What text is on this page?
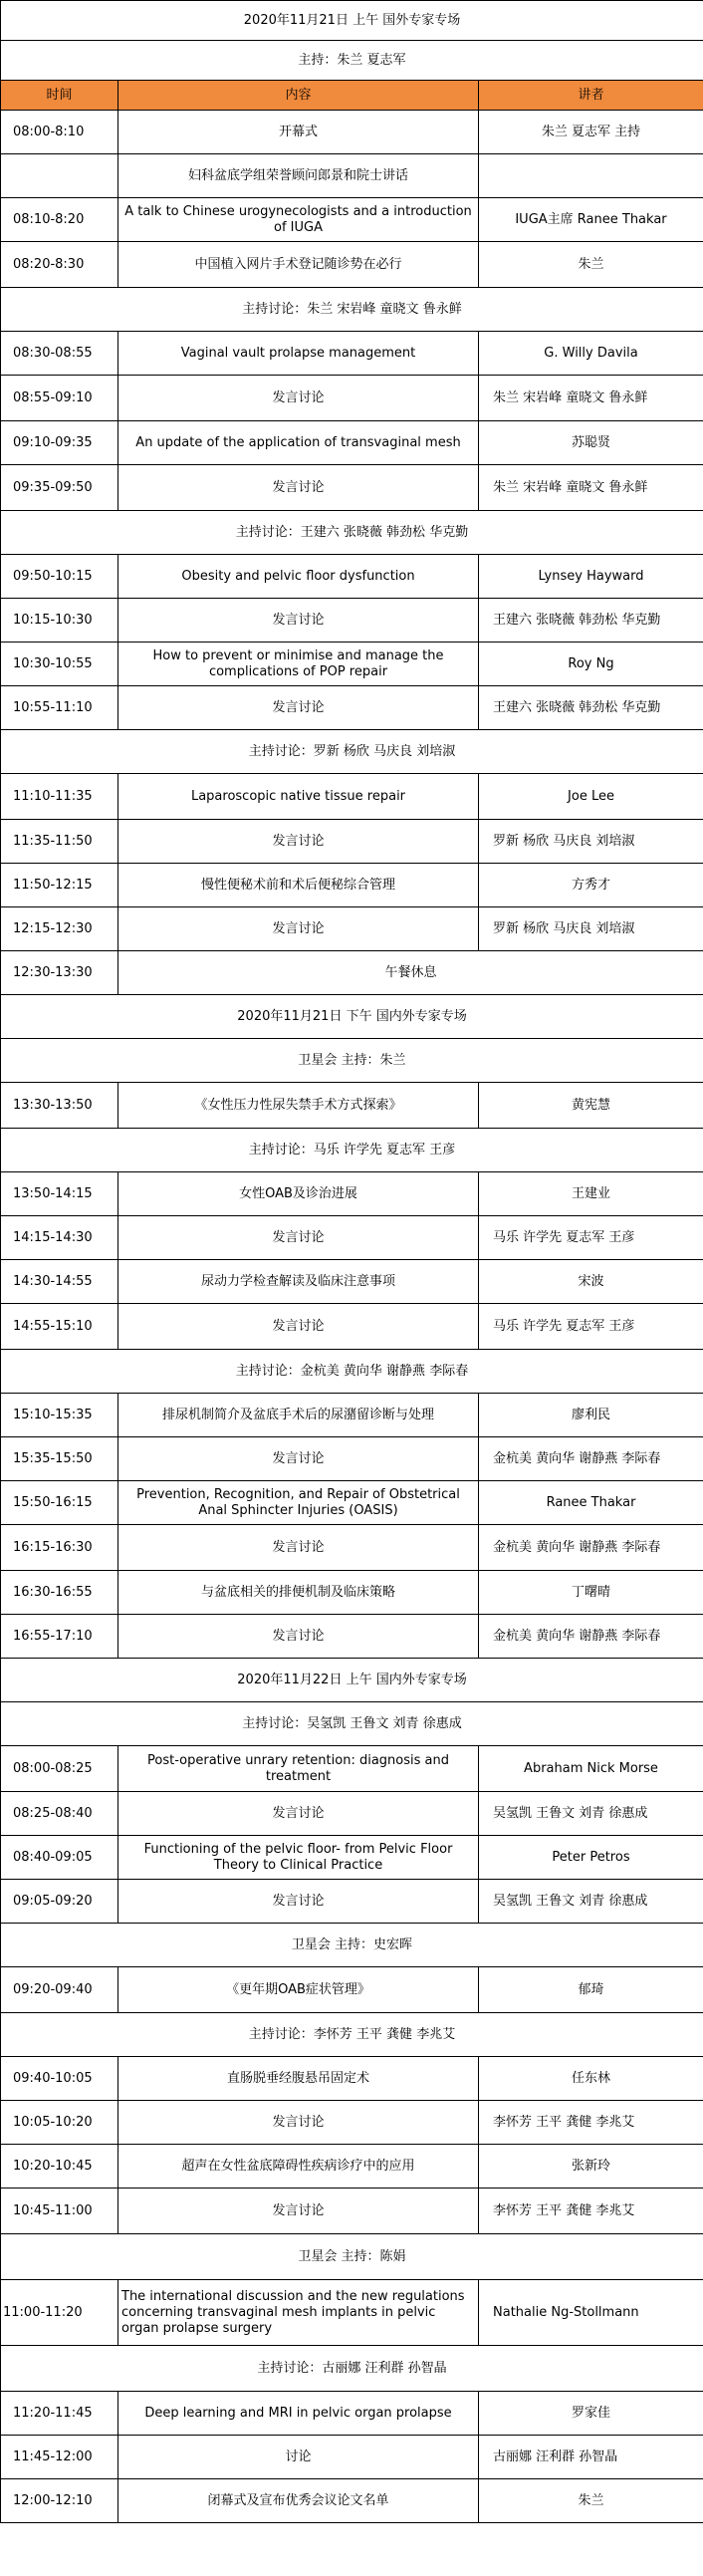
2020年11月21日 上午 国外专家专场		
主持：朱兰 夏志军		
时间	内容	讲者
08:00-8:10	开幕式	朱兰 夏志军 主持
	妇科盆底学组荣誉顾问郎景和院士讲话	
08:10-8:20	A talk to Chinese urogynecologists and a introduction of IUGA	IUGA主席 Ranee Thakar
08:20-8:30	中国植入网片手术登记随诊势在必行	朱兰
主持讨论：朱兰 宋岩峰 童晓文 鲁永鲜		
08:30-08:55	Vaginal vault prolapse management	G. Willy Davila
08:55-09:10	发言讨论	朱兰 宋岩峰 童晓文 鲁永鲜
09:10-09:35	An update of the application of transvaginal mesh	苏聪贤
09:35-09:50	发言讨论	朱兰 宋岩峰 童晓文 鲁永鲜
主持讨论：王建六 张晓薇 韩劲松 华克勤		
09:50-10:15	Obesity and pelvic floor dysfunction	Lynsey Hayward
10:15-10:30	发言讨论	王建六 张晓薇 韩劲松 华克勤
10:30-10:55	How to prevent or minimise and manage the complications of POP repair	Roy Ng
10:55-11:10	发言讨论	王建六 张晓薇 韩劲松 华克勤
主持讨论：罗新 杨欣 马庆良 刘培淑		
11:10-11:35	Laparoscopic native tissue repair	Joe Lee
11:35-11:50	发言讨论	罗新 杨欣 马庆良 刘培淑
11:50-12:15	慢性便秘术前和术后便秘综合管理	方秀才
12:15-12:30	发言讨论	罗新 杨欣 马庆良 刘培淑
12:30-13:30	午餐休息	
2020年11月21日 下午 国内外专家专场		
卫星会 主持：朱兰		
13:30-13:50	《女性压力性尿失禁手术方式探索》	黄宪慧
主持讨论：马乐 许学先 夏志军 王彦		
13:50-14:15	女性OAB及诊治进展	王建业
14:15-14:30	发言讨论	马乐 许学先 夏志军 王彦
14:30-14:55	尿动力学检查解读及临床注意事项	宋波
14:55-15:10	发言讨论	马乐 许学先 夏志军 王彦
主持讨论：金杭美 黄向华 谢静燕 李际春		
15:10-15:35	排尿机制简介及盆底手术后的尿潴留诊断与处理	廖利民
15:35-15:50	发言讨论	金杭美 黄向华 谢静燕 李际春
15:50-16:15	Prevention, Recognition, and Repair of Obstetrical Anal Sphincter Injuries (OASIS)	Ranee Thakar
16:15-16:30	发言讨论	金杭美 黄向华 谢静燕 李际春
16:30-16:55	与盆底相关的排便机制及临床策略	丁曙晴
16:55-17:10	发言讨论	金杭美 黄向华 谢静燕 李际春
2020年11月22日 上午 国内外专家专场		
主持讨论：吴氢凯 王鲁文 刘青 徐惠成		
08:00-08:25	Post-operative unrary retention: diagnosis and treatment	Abraham Nick Morse
08:25-08:40	发言讨论	吴氢凯 王鲁文 刘青 徐惠成
08:40-09:05	Functioning of the pelvic floor- from Pelvic Floor Theory to Clinical Practice	Peter Petros
09:05-09:20	发言讨论	吴氢凯 王鲁文 刘青 徐惠成
卫星会 主持：史宏晖		
09:20-09:40	《更年期OAB症状管理》	郁琦
主持讨论：李怀芳 王平 龚健 李兆艾		
09:40-10:05	直肠脱垂经腹悬吊固定术	任东林
10:05-10:20	发言讨论	李怀芳 王平 龚健 李兆艾
10:20-10:45	超声在女性盆底障碍性疾病诊疗中的应用	张新玲
10:45-11:00	发言讨论	李怀芳 王平 龚健 李兆艾
卫星会 主持：陈娟		
11:00-11:20	The international discussion and the new regulations concerning transvaginal mesh implants in pelvic organ prolapse surgery	Nathalie Ng-Stollmann
主持讨论：古丽娜 汪利群 孙智晶		
11:20-11:45	Deep learning and MRI in pelvic organ prolapse	罗家佳
11:45-12:00	讨论	古丽娜 汪利群 孙智晶
12:00-12:10	闭幕式及宣布优秀会议论文名单	朱兰
